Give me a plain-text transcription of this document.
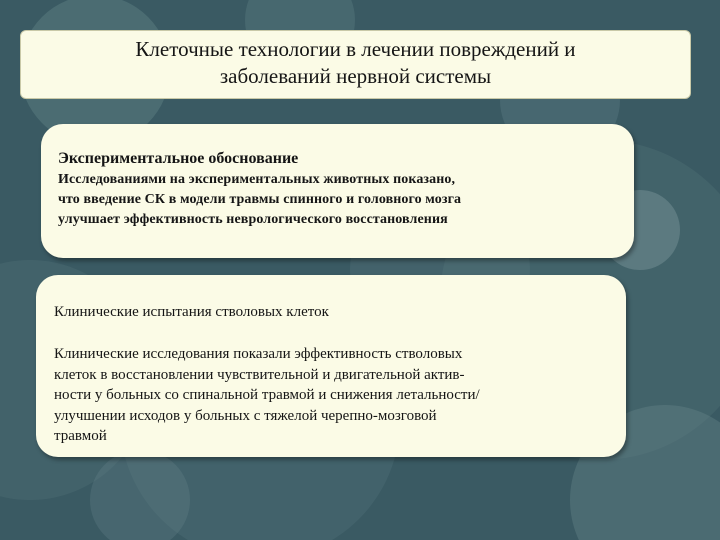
Клеточные технологии в лечении повреждений и
заболеваний нервной системы
Экспериментальное обоснование
Исследованиями на экспериментальных животных показано,
что введение СК в модели травмы спинного и головного мозга
улучшает эффективность неврологического восстановления
Клинические испытания стволовых клеток
Клинические исследования показали эффективность стволовых
клеток в восстановлении чувствительной и двигательной актив-
ности у больных со спинальной травмой и снижения летальности/
улучшении исходов у больных с тяжелой черепно-мозговой
травмой
